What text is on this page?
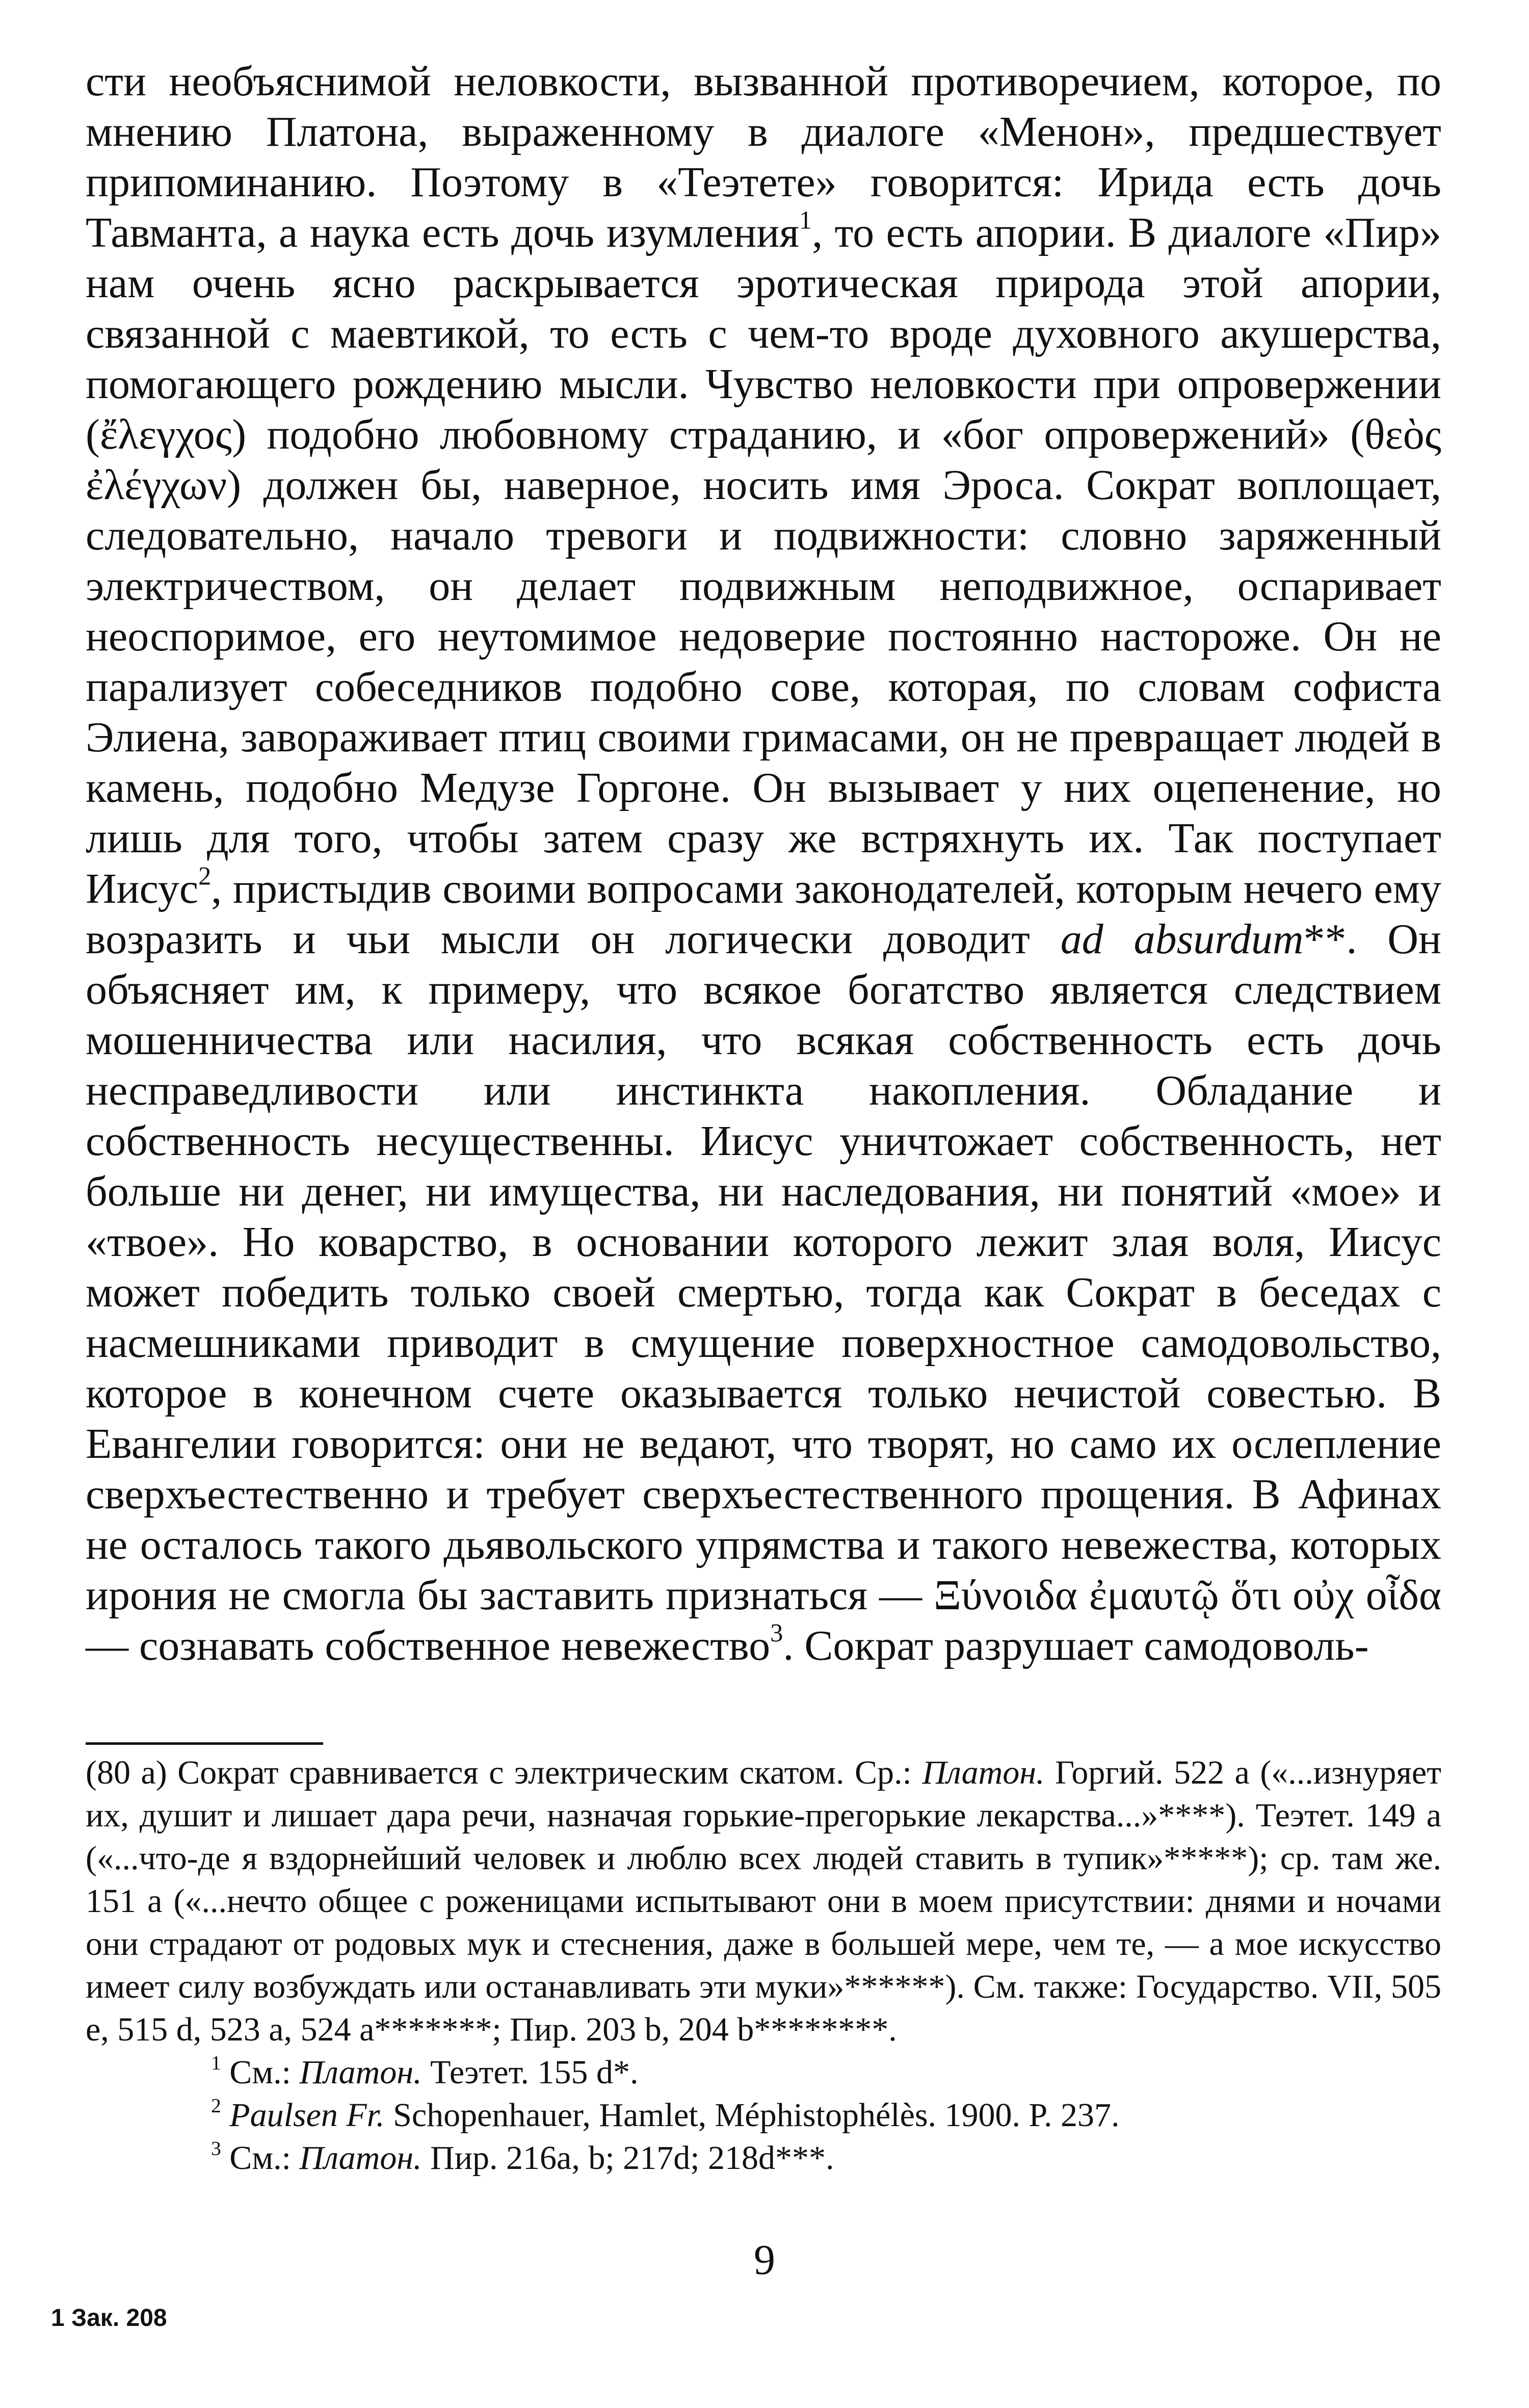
сти необъяснимой неловкости, вызванной противоречием, которое, по мнению Платона, выраженному в диалоге «Менон», предшествует припоминанию. Поэтому в «Теэтете» говорится: Ирида есть дочь Тавманта, а наука есть дочь изумления$^1$, то есть апории. В диалоге «Пир» нам очень ясно раскрывается эротическая природа этой апории, связанной с маевтикой, то есть с чем-то вроде духовного акушерства, помогающего рождению мысли. Чувство неловкости при опровержении (ἔλεγχος) подобно любовному страданию, и «бог опровержений» (θεὸς ἐλέγχων) должен бы, наверное, носить имя Эроса. Сократ воплощает, следовательно, начало тревоги и подвижности: словно заряженный электричеством, он делает подвижным неподвижное, оспаривает неоспоримое, его неутомимое недоверие постоянно настороже. Он не парализует собеседников подобно сове, которая, по словам софиста Элиена, завораживает птиц своими гримасами, он не превращает людей в камень, подобно Медузе Горгоне. Он вызывает у них оцепенение, но лишь для того, чтобы затем сразу же встряхнуть их. Так поступает Иисус$^2$, пристыдив своими вопросами законодателей, которым нечего ему возразить и чьи мысли он логически доводит ad absurdum**. Он объясняет им, к примеру, что всякое богатство является следствием мошенничества или насилия, что всякая собственность есть дочь несправедливости или инстинкта накопления. Обладание и собственность несущественны. Иисус уничтожает собственность, нет больше ни денег, ни имущества, ни наследования, ни понятий «мое» и «твое». Но коварство, в основании которого лежит злая воля, Иисус может победить только своей смертью, тогда как Сократ в беседах с насмешниками приводит в смущение поверхностное самодовольство, которое в конечном счете оказывается только нечистой совестью. В Евангелии говорится: они не ведают, что творят, но само их ослепление сверхъестественно и требует сверхъестественного прощения. В Афинах не осталось такого дьявольского упрямства и такого невежества, которых ирония не смогла бы заставить признаться — Ξύνοιδα ἐμαυτῷ ὅτι οὐχ οἶδα — сознавать собственное невежество$^3$. Сократ разрушает самодоволь-

(80 а) Сократ сравнивается с электрическим скатом. Ср.: Платон. Горгий. 522 а («...изнуряет их, душит и лишает дара речи, назначая горькие-прегорькие лекарства...»****). Теэтет. 149 а («...что-де я вздорнейший человек и люблю всех людей ставить в тупик»*****); ср. там же. 151 а («...нечто общее с роженицами испытывают они в моем присутствии: днями и ночами они страдают от родовых мук и стеснения, даже в большей мере, чем те, — а мое искусство имеет силу возбуждать или останавливать эти муки»******). См. также: Государство. VII, 505 е, 515 d, 523 а, 524 а*******; Пир. 203 b, 204 b********.
$^1$ См.: Платон. Теэтет. 155 d*.
$^2$ Paulsen Fr. Schopenhauer, Hamlet, Méphistophélès. 1900. P. 237.
$^3$ См.: Платон. Пир. 216а, b; 217d; 218d***.
9
1 Зак. 208
